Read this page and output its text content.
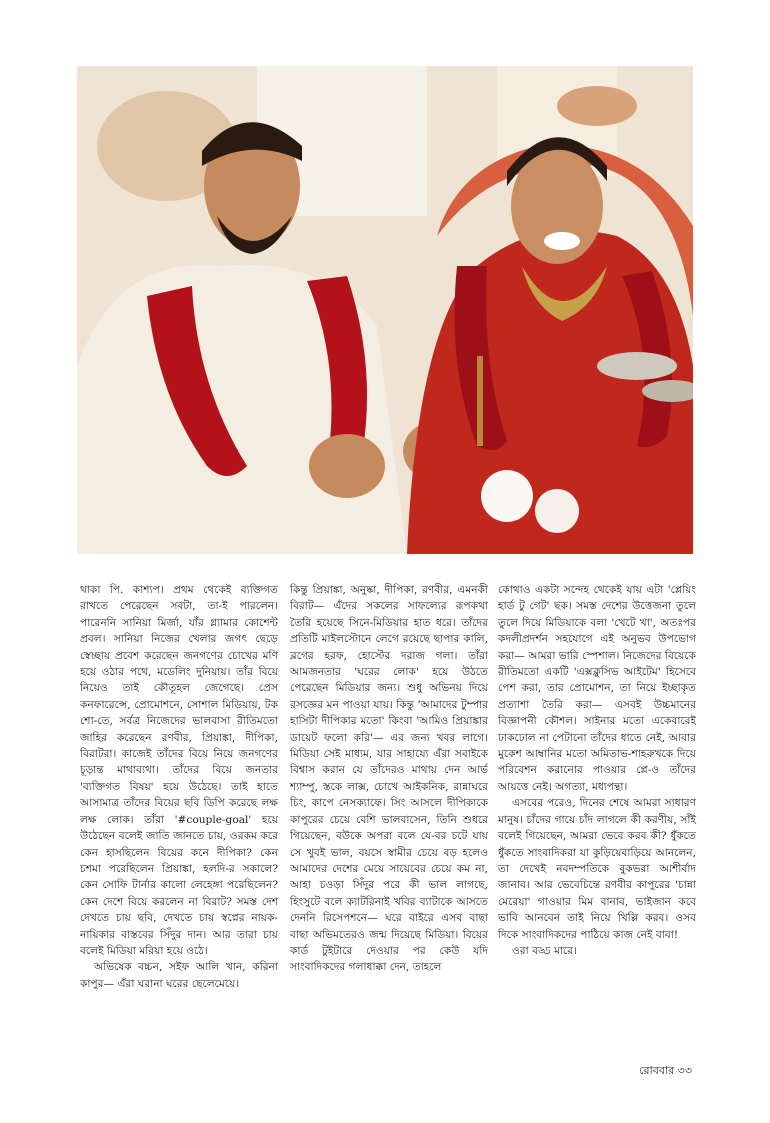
থাকা পি. কাশ্যপ। প্রথম থেকেই ব্যক্তিগত রাখতে পেরেছেন সবটা, তা-ই পারলেন। পারেননি সানিয়া মির্জা, যাঁর গ্ল্যামার কোশেন্ট প্রবল। সানিয়া নিজের খেলার জগৎ ছেড়ে স্বেচ্ছায় প্রবেশ করেছেন জনগণের চোখের মণি হয়ে ওঠার পথে, মডেলিং দুনিয়ায়। তাঁর বিয়ে নিয়েও তাই কৌতূহল জেগেছে। প্রেস কনফারেন্সে, প্রোমোশনে, সোশাল মিডিয়ায়, টক শো-তে, সর্বত্র নিজেদের ভালবাসা রীতিমতো জাহির করেছেন রণবীর, প্রিয়াঙ্কা, দীপিকা, বিরাটরা। কাজেই তাঁদের বিয়ে নিয়ে জনগণের চূড়ান্ত মাথাব্যথা। তাঁদের বিয়ে জনতার 'ব্যক্তিগত বিষয়' হয়ে উঠেছে। তাই হাতে আসামাত্র তাঁদের বিয়ের ছবি ডিপি করেছে লক্ষ লক্ষ লোক। তাঁরা '#couple-goal' হয়ে উঠেছেন বলেই জাতি জানতে চায়, ওরকম করে কেন হাসছিলেন বিয়ের কনে দীপিকা? কেন চশমা পরেছিলেন প্রিয়াঙ্কা, হলদি-র সকালে? কেন সোফি টার্নার কালো লেহেঙ্গা পরেছিলেন? কেন দেশে বিয়ে করলেন না বিরাট? সমস্ত দেশ দেখতে চায় ছবি, দেখতে চায় স্বপ্নের নায়ক-নায়িকার বাস্তবের সিঁদুর দান। আর তারা চায় বলেই মিডিয়া মরিয়া হয়ে ওঠে।

অভিষেক বচ্চন, সইফ আলি খান, করিনা কাপুর— এঁরা ঘরানা ঘরের ছেলেমেয়ে।

কিন্তু প্রিয়াঙ্কা, অনুষ্কা, দীপিকা, রণবীর, এমনকী বিরাট— এঁদের সকলের সাফল্যের রূপকথা তৈরি হয়েছে সিনে-মিডিয়ার হাত ধরে। তাঁদের প্রতিটি মাইলস্টোনে লেগে রয়েছে ছাপার কালি, ব্লগের হরফ, হোস্টের দরাজ গলা। তাঁরা আমজনতার 'ঘরের লোক' হয়ে উঠতে পেরেছেন মিডিয়ার জন্য। শুধু অভিনয় দিয়ে রসজ্ঞের মন পাওয়া যায়। কিন্তু 'আমাদের টুম্পার হাসিটা দীপিকার মতো' কিংবা 'আমিও প্রিয়াঙ্কার ডায়েট ফলো করি'— এর জন্য খবর লাগে। মিডিয়া সেই মাধ্যম, যার সাহায্যে এঁরা সবাইকে বিশ্বাস করান যে তাঁদেরও মাথায় দেন আর্ভ শ্যাম্পু, স্তকে লাক্স, চোখে আইকনিক, রান্নাঘরে চিং, কাপে নেসক্যাফে। সিং আসলে দীপিকাকে কাপুরের চেয়ে বেশি ভালবাসেন, তিনি শুধরে গিয়েছেন, বউকে অপরা বলে যে-বর চটে যায় সে খুবই ভাল, বয়সে স্বামীর চেয়ে বড় হলেও আমাদের দেশের মেয়ে সায়েবের চেয়ে কম না, আহা চওড়া সিঁদুর পরে কী ভাল লাগছে, হিংসুটে বলে ক্যাটরিনাই খবির ব্যাটাকে আসতে দেননি রিসেপশনে— ঘরে বাইরে এসব বাছা বাছা অভিমতেরও জন্ম দিয়েছে মিডিয়া। বিয়ের কার্ড টুইটারে দেওয়ার পর কেউ যদি সাংবাদিকদের গলাধাক্কা দেন, তাহলে

কোথাও একটা সন্দেহ থেকেই যায় এটা 'প্লেয়িং হার্ড টু গেট' ছক। সমস্ত দেশের উত্তেজনা তুলে তুলে দিয়ে মিডিয়াকে বলা 'খেটে খা', অতঃপর কদলীপ্রদর্শন সহযোগে এই অনুভব উপভোগ করা— আমরা ভারি স্পেশাল। নিজেদের বিয়েকে রীতিমতো একটি 'এক্সক্লুসিভ আইটেম' হিসেবে পেশ করা, তার প্রোমোশন, তা নিয়ে ইচ্ছাকৃত প্রত্যাশা তৈরি করা— এসবই উচ্চমানের বিজ্ঞাপনী কৌশল। সাইনার মতো একেবারেই ঢাকঢোল না পেটানো তাঁদের ধাতে নেই, আবার মুকেশ আম্বানির মতো অমিতাভ-শাহরুখকে দিয়ে পরিবেশন করানোর পাওয়ার প্লে-ও তাঁদের আয়ত্তে নেই। অগত্যা, মধ্যপন্থা।

এসবের পরেও, দিনের শেষে আমরা সাধারণ মানুষ। চাঁদের গায়ে চাঁদ লাগলে কী করণীয়, সাঁই বলেই গিয়েছেন, আমরা ভেবে করব কী? ধুঁকতে ধুঁকতে সাংবাদিকরা যা কুড়িয়েবাড়িয়ে আনলেন, তা দেখেই নবদম্পতিকে বুকভরা আশীর্বাদ জানাব। আর ভেবেচিন্তে রণবীর কাপুরের 'চান্না মেরেয়া' গাওয়ার মিম বানাব, ভাইজান কবে ভাবি আনবেন তাই নিয়ে খিল্লি করব। ওসব দিকে সাংবাদিকদের পাঠিয়ে কাজ নেই বাবা!

ওরা বড্ড মারে।

রোববার ৩৩
